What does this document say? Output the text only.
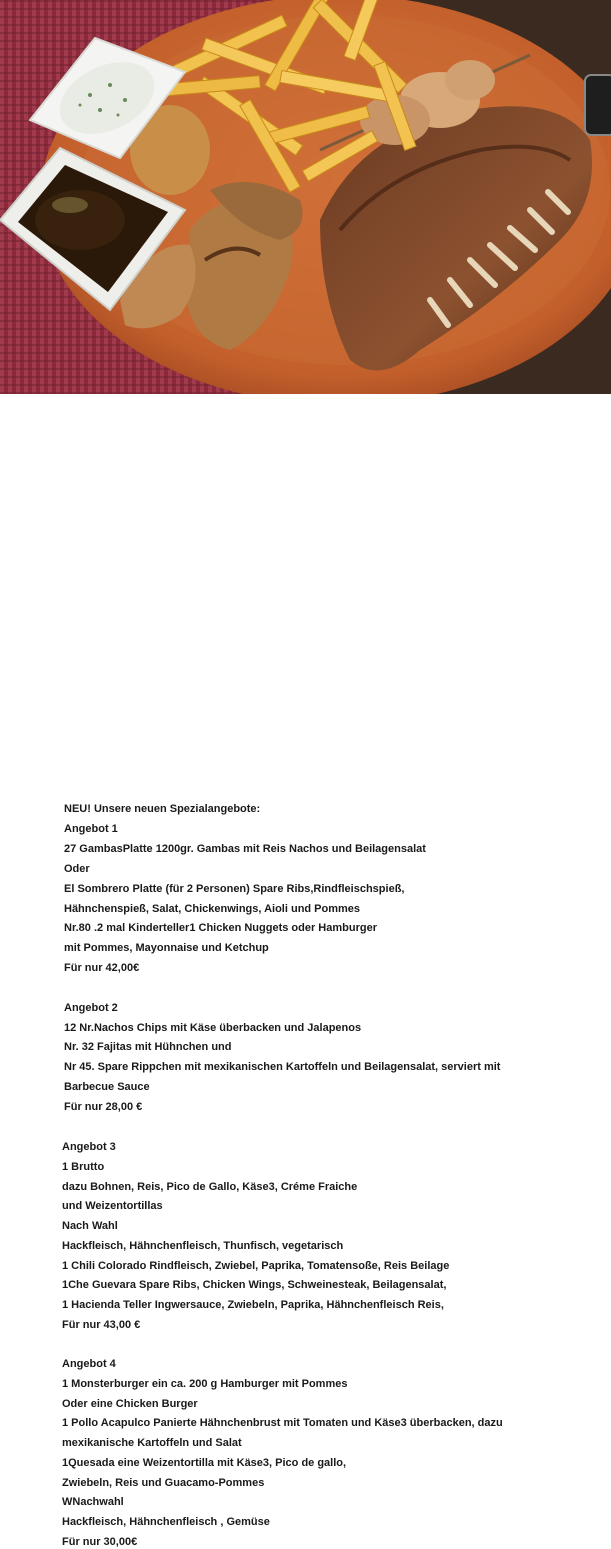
NEU! Unsere neuen Spezialangebote:
Angebot 1
27 GambasPlatte 1200gr. Gambas mit Reis Nachos und Beilagensalat
Oder
El Sombrero Platte (für 2 Personen) Spare Ribs,Rindfleischspieß,
Hähnchenspieß, Salat, Chickenwings, Aioli und Pommes
Nr.80 .2 mal Kinderteller1 Chicken Nuggets oder Hamburger
mit Pommes, Mayonnaise und Ketchup
Für nur 42,00€
Angebot 2
12 Nr.Nachos Chips mit Käse überbacken und Jalapenos
Nr. 32 Fajitas mit Hühnchen und
Nr 45. Spare Rippchen mit mexikanischen Kartoffeln und Beilagensalat, serviert mit
Barbecue Sauce
Für nur 28,00 €
Angebot 3
1 Brutto
dazu Bohnen, Reis, Pico de Gallo, Käse3, Créme Fraiche
und Weizentortillas
Nach Wahl
Hackfleisch, Hähnchenfleisch, Thunfisch, vegetarisch
1 Chili Colorado Rindfleisch, Zwiebel, Paprika, Tomatensoße, Reis Beilage
1Che Guevara Spare Ribs, Chicken Wings, Schweinesteak, Beilagensalat,
1 Hacienda Teller Ingwersauce, Zwiebeln, Paprika, Hähnchenfleisch Reis,
Für nur 43,00 €
Angebot 4
1 Monsterburger ein ca. 200 g Hamburger mit Pommes
Oder eine Chicken Burger
1 Pollo Acapulco Panierte Hähnchenbrust mit Tomaten und Käse3 überbacken, dazu
mexikanische Kartoffeln und Salat
1Quesada eine Weizentortilla mit Käse3, Pico de gallo,
Zwiebeln, Reis und Guacamo-Pommes
WNachwahl
Hackfleisch, Hähnchenfleisch , Gemüse
Für nur 30,00€
